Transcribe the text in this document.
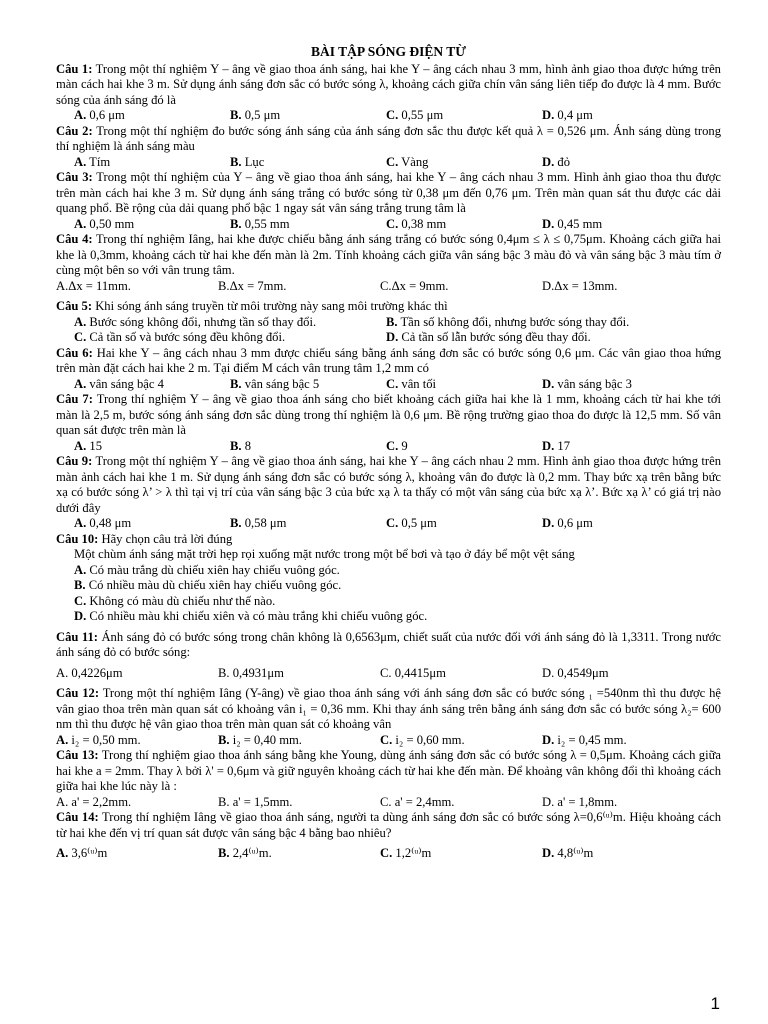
BÀI TẬP SÓNG ĐIỆN TỪ
Câu 1: Trong một thí nghiệm Y – âng về giao thoa ánh sáng, hai khe Y – âng cách nhau 3 mm, hình ảnh giao thoa được hứng trên màn cách hai khe 3 m. Sử dụng ánh sáng đơn sắc có bước sóng λ, khoảng cách giữa chín vân sáng liên tiếp đo được là 4 mm. Bước sóng của ánh sáng đó là
A. 0,6 μm	B. 0,5 μm	C. 0,55 μm	D. 0,4 μm
Câu 2: Trong một thí nghiệm đo bước sóng ánh sáng của ánh sáng đơn sắc thu được kết quả λ = 0,526 μm. Ánh sáng dùng trong thí nghiệm là ánh sáng màu
A. Tím	B. Lục	C. Vàng	D. đỏ
Câu 3: Trong một thí nghiệm của Y – âng về giao thoa ánh sáng, hai khe Y – âng cách nhau 3 mm. Hình ảnh giao thoa thu được trên màn cách hai khe 3 m. Sử dụng ánh sáng trắng có bước sóng từ 0,38 μm đến 0,76 μm. Trên màn quan sát thu được các dải quang phổ. Bề rộng của dải quang phổ bậc 1 ngay sát vân sáng trắng trung tâm là
A. 0,50 mm	B. 0,55 mm	C. 0,38 mm	D. 0,45 mm
Câu 4: Trong thí nghiệm Iâng, hai khe được chiếu bằng ánh sáng trắng có bước sóng 0,4μm ≤ λ ≤ 0,75μm. Khoảng cách giữa hai khe là 0,3mm, khoảng cách từ hai khe đến màn là 2m. Tính khoảng cách giữa vân sáng bậc 3 màu đỏ và vân sáng bậc 3 màu tím ở cùng một bên so với vân trung tâm.
A.Δx = 11mm.	B.Δx = 7mm.	C.Δx = 9mm.	D.Δx = 13mm.
Câu 5: Khi sóng ánh sáng truyền từ môi trường này sang môi trường khác thì
A. Bước sóng không đổi, nhưng tần số thay đổi.	B. Tần số không đổi, nhưng bước sóng thay đổi.
C. Cả tần số và bước sóng đều không đổi.	D. Cả tần số lẫn bước sóng đều thay đổi.
Câu 6: Hai khe Y – âng cách nhau 3 mm được chiếu sáng bằng ánh sáng đơn sắc có bước sóng 0,6 μm. Các vân giao thoa hứng trên màn đặt cách hai khe 2 m. Tại điểm M cách vân trung tâm 1,2 mm có
A. vân sáng bậc 4	B. vân sáng bậc 5	C. vân tối	D. vân sáng bậc 3
Câu 7: Trong thí nghiệm Y – âng về giao thoa ánh sáng cho biết khoảng cách giữa hai khe là 1 mm, khoảng cách từ hai khe tới màn là 2,5 m, bước sóng ánh sáng đơn sắc dùng trong thí nghiệm là 0,6 μm. Bề rộng trường giao thoa đo được là 12,5 mm. Số vân quan sát được trên màn là
A. 15	B. 8	C. 9	D. 17
Câu 9: Trong một thí nghiệm Y – âng về giao thoa ánh sáng, hai khe Y – âng cách nhau 2 mm. Hình ảnh giao thoa được hứng trên màn ảnh cách hai khe 1 m. Sử dụng ánh sáng đơn sắc có bước sóng λ, khoảng vân đo được là 0,2 mm. Thay bức xạ trên bằng bức xạ có bước sóng λ’ > λ thì tại vị trí của vân sáng bậc 3 của bức xạ λ ta thấy có một vân sáng của bức xạ λ’. Bức xạ λ’ có giá trị nào dưới đây
A. 0,48 μm	B. 0,58 μm	C. 0,5 μm	D. 0,6 μm
Câu 10: Hãy chọn câu trả lời đúng
Một chùm ánh sáng mặt trời hẹp rọi xuống mặt nước trong một bể bơi và tạo ở đáy bể một vệt sáng
A. Có màu trắng dù chiếu xiên hay chiếu vuông góc.
B. Có nhiều màu dù chiếu xiên hay chiếu vuông góc.
C. Không có màu dù chiếu như thế nào.
D. Có nhiều màu khi chiếu xiên và có màu trắng khi chiếu vuông góc.
Câu 11: Ánh sáng đỏ có bước sóng trong chân không là 0,6563μm, chiết suất của nước đối với ánh sáng đỏ là 1,3311. Trong nước ánh sáng đỏ có bước sóng:
A. 0,4226μm	B. 0,4931μm	C. 0,4415μm	D. 0,4549μm
Câu 12: Trong một thí nghiệm Iâng (Y-âng) về giao thoa ánh sáng với ánh sáng đơn sắc có bước sóng ₁ =540nm thì thu được hệ vân giao thoa trên màn quan sát có khoảng vân i₁ = 0,36 mm. Khi thay ánh sáng trên bằng ánh sáng đơn sắc có bước sóng λ₂= 600 nm thì thu được hệ vân giao thoa trên màn quan sát có khoảng vân
A. i₂ = 0,50 mm.	B. i₂ = 0,40 mm.	C. i₂ = 0,60 mm.	D. i₂ = 0,45 mm.
Câu 13: Trong thí nghiệm giao thoa ánh sáng bằng khe Young, dùng ánh sáng đơn sắc có bước sóng λ = 0,5μm. Khoảng cách giữa hai khe a = 2mm. Thay λ bởi λ' = 0,6μm và giữ nguyên khoảng cách từ hai khe đến màn. Để khoảng vân không đổi thì khoảng cách giữa hai khe lúc này là :
A. a' = 2,2mm.	B. a' = 1,5mm.	C. a' = 2,4mm.	D. a' = 1,8mm.
Câu 14: Trong thí nghiệm Iâng về giao thoa ánh sáng, người ta dùng ánh sáng đơn sắc có bước sóng λ=0,6⁽ᵘ⁾m. Hiệu khoảng cách từ hai khe đến vị trí quan sát được vân sáng bậc 4 bằng bao nhiêu?
A. 3,6⁽ᵘ⁾m	B. 2,4⁽ᵘ⁾m.	C. 1,2⁽ᵘ⁾m	D. 4,8⁽ᵘ⁾m
1
